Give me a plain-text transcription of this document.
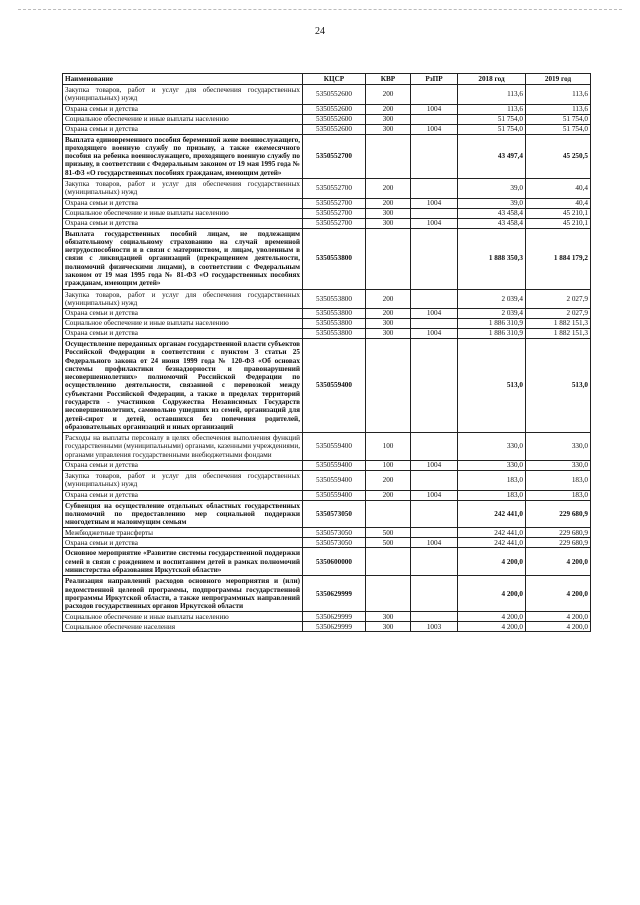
24
Наименование	КЦСР	КВР	РзПР	2018 год	2019 год
Закупка товаров, работ и услуг для обеспечения государственных (муниципальных) нужд	5350552600	200		113,6	113,6
Охрана семьи и детства	5350552600	200	1004	113,6	113,6
Социальное обеспечение и иные выплаты населению	5350552600	300		51 754,0	51 754,0
Охрана семьи и детства	5350552600	300	1004	51 754,0	51 754,0
Выплата единовременного пособия беременной жене военнослужащего, проходящего военную службу по призыву, а также ежемесячного пособия на ребенка военнослужащего, проходящего военную службу по призыву, в соответствии с Федеральным законом от 19 мая 1995 года № 81-ФЗ «О государственных пособиях гражданам, имеющим детей»	5350552700			43 497,4	45 250,5
Закупка товаров, работ и услуг для обеспечения государственных (муниципальных) нужд	5350552700	200		39,0	40,4
Охрана семьи и детства	5350552700	200	1004	39,0	40,4
Социальное обеспечение и иные выплаты населению	5350552700	300		43 458,4	45 210,1
Охрана семьи и детства	5350552700	300	1004	43 458,4	45 210,1
Выплата государственных пособий лицам, не подлежащим обязательному социальному страхованию на случай временной нетрудоспособности и в связи с материнством, и лицам, уволенным в связи с ликвидацией организаций (прекращением деятельности, полномочий физическими лицами), в соответствии с Федеральным законом от 19 мая 1995 года № 81-ФЗ «О государственных пособиях гражданам, имеющим детей»	5350553800			1 888 350,3	1 884 179,2
Закупка товаров, работ и услуг для обеспечения государственных (муниципальных) нужд	5350553800	200		2 039,4	2 027,9
Охрана семьи и детства	5350553800	200	1004	2 039,4	2 027,9
Социальное обеспечение и иные выплаты населению	5350553800	300		1 886 310,9	1 882 151,3
Охрана семьи и детства	5350553800	300	1004	1 886 310,9	1 882 151,3
Осуществление переданных органам государственной власти субъектов Российской Федерации в соответствии с пунктом 3 статьи 25 Федерального закона от 24 июня 1999 года № 120-ФЗ «Об основах системы профилактики безнадзорности и правонарушений несовершеннолетних» полномочий Российской Федерации по осуществлению деятельности, связанной с перевозкой между субъектами Российской Федерации, а также в пределах территорий государств - участников Содружества Независимых Государств несовершеннолетних, самовольно ушедших из семей, организаций для детей-сирот и детей, оставшихся без попечения родителей, образовательных организаций и иных организаций	5350559400			513,0	513,0
Расходы на выплаты персоналу в целях обеспечения выполнения функций государственными (муниципальными) органами, казенными учреждениями, органами управления государственными внебюджетными фондами	5350559400	100		330,0	330,0
Охрана семьи и детства	5350559400	100	1004	330,0	330,0
Закупка товаров, работ и услуг для обеспечения государственных (муниципальных) нужд	5350559400	200		183,0	183,0
Охрана семьи и детства	5350559400	200	1004	183,0	183,0
Субвенция на осуществление отдельных областных государственных полномочий по предоставлению мер социальной поддержки многодетным и малоимущим семьям	5350573050			242 441,0	229 680,9
Межбюджетные трансферты	5350573050	500		242 441,0	229 680,9
Охрана семьи и детства	5350573050	500	1004	242 441,0	229 680,9
Основное мероприятие «Развитие системы государственной поддержки семей в связи с рождением и воспитанием детей в рамках полномочий министерства образования Иркутской области»	5350600000			4 200,0	4 200,0
Реализация направлений расходов основного мероприятия и (или) ведомственной целевой программы, подпрограммы государственной программы Иркутской области, а также непрограммных направлений расходов государственных органов Иркутской области	5350629999			4 200,0	4 200,0
Социальное обеспечение и иные выплаты населению	5350629999	300		4 200,0	4 200,0
Социальное обеспечение населения	5350629999	300	1003	4 200,0	4 200,0
